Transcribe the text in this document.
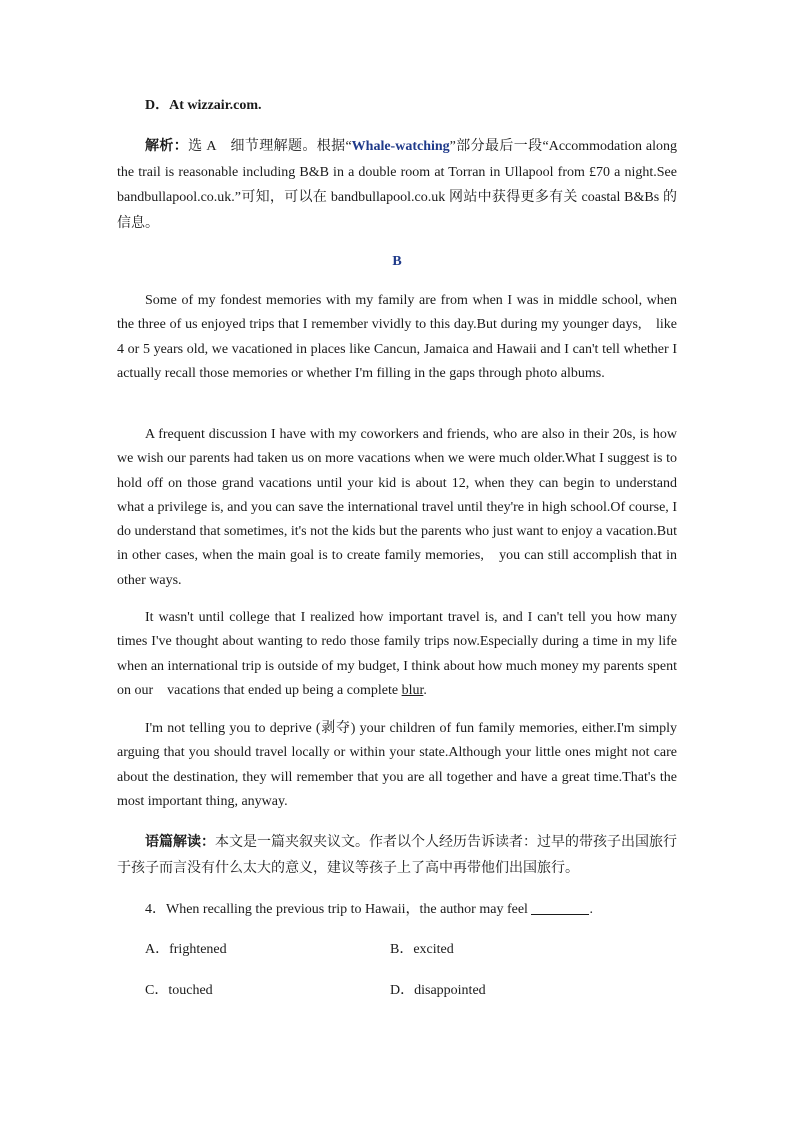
D．At wizzair.com.

解析：选 A　细节理解题。根据“Whale-watching”部分最后一段“Accommodation along the trail is reasonable including B&B in a double room at Torran in Ullapool from £70 a night.See bandbullapool.co.uk.”可知，可以在 bandbullapool.co.uk 网站中获得更多有关 coastal B&Bs 的信息。

B

Some of my fondest memories with my family are from when I was in middle school, when the three of us enjoyed trips that I remember vividly to this day.But during my younger days,　like 4 or 5 years old, we vacationed in places like Cancun, Jamaica and Hawaii and I can't tell whether I actually recall those memories or whether I'm filling in the gaps through photo albums.

A frequent discussion I have with my coworkers and friends, who are also in their 20s, is how we wish our parents had taken us on more vacations when we were much older.What I suggest is to hold off on those grand vacations until your kid is about 12, when they can begin to understand what a privilege is, and you can save the international travel until they're in high school.Of course, I do understand that sometimes, it's not the kids but the parents who just want to enjoy a vacation.But in other cases, when the main goal is to create family memories,　you can still accomplish that in other ways.

It wasn't until college that I realized how important travel is, and I can't tell you how many times I've thought about wanting to redo those family trips now.Especially during a time in my life when an international trip is outside of my budget, I think about how much money my parents spent on our　vacations that ended up being a complete blur.

I'm not telling you to deprive (剥夺) your children of fun family memories, either.I'm simply arguing that you should travel locally or within your state.Although your little ones might not care about the destination, they will remember that you are all together and have a great time.That's the most important thing, anyway.

语篇解读：本文是一篇夹叙夹议文。作者以个人经历告诉读者：过早的带孩子出国旅行于孩子而言没有什么太大的意义，建议等孩子上了高中再带他们出国旅行。

4．When recalling the previous trip to Hawaii，the author may feel	.
A．frightened	B．excited
C．touched	D．disappointed
